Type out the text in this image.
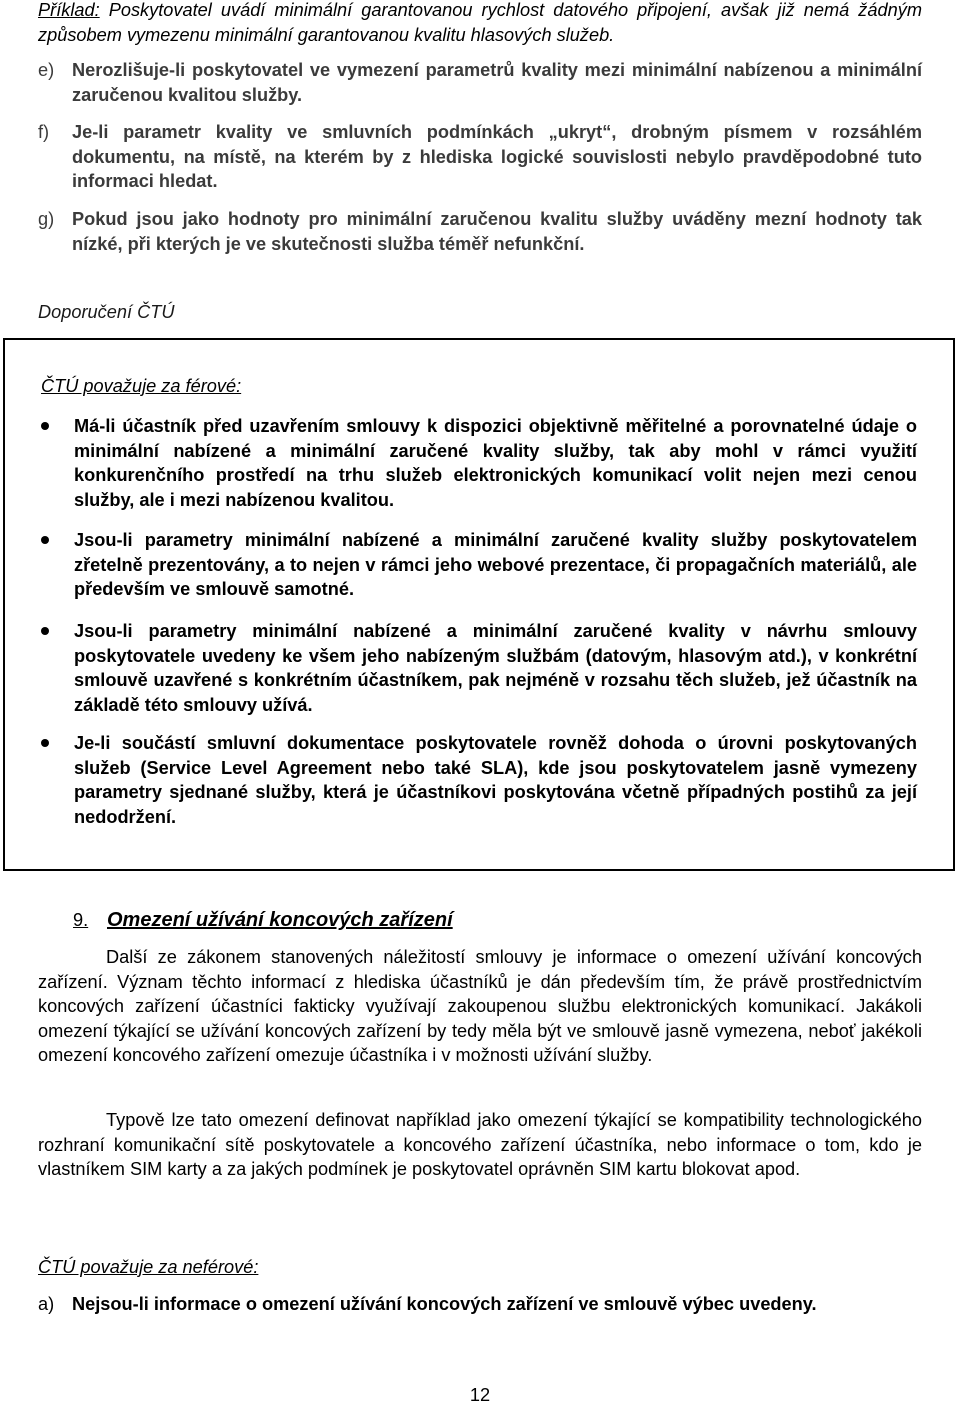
Příklad: Poskytovatel uvádí minimální garantovanou rychlost datového připojení, avšak již nemá žádným způsobem vymezenu minimální garantovanou kvalitu hlasových služeb.
e) Nerozlišuje-li poskytovatel ve vymezení parametrů kvality mezi minimální nabízenou a minimální zaručenou kvalitou služby.
f)	Je-li parametr kvality ve smluvních podmínkách „ukryt“, drobným písmem v rozsáhlém dokumentu, na místě, na kterém by z hlediska logické souvislosti nebylo pravděpodobné tuto informaci hledat.
g) Pokud jsou jako hodnoty pro minimální zaručenou kvalitu služby uváděny mezní hodnoty tak nízké, při kterých je ve skutečnosti služba téměř nefunkční.
Doporučení ČTÚ
ČTÚ považuje za férové:
Má-li účastník před uzavřením smlouvy k dispozici objektivně měřitelné a porovnatelné údaje o minimální nabízené a minimální zaručené kvality služby, tak aby mohl v rámci využití konkurenčního prostředí na trhu služeb elektronických komunikací volit nejen mezi cenou služby, ale i mezi nabízenou kvalitou.
Jsou-li parametry minimální nabízené a minimální zaručené kvality služby poskytovatelem zřetelně prezentovány, a to nejen v rámci jeho webové prezentace, či propagačních materiálů, ale především ve smlouvě samotné.
Jsou-li parametry minimální nabízené a minimální zaručené kvality v návrhu smlouvy poskytovatele uvedeny ke všem jeho nabízeným službám (datovým, hlasovým atd.), v konkrétní smlouvě uzavřené s konkrétním účastníkem, pak nejméně v rozsahu těch služeb, jež účastník na základě této smlouvy užívá.
Je-li součástí smluvní dokumentace poskytovatele rovněž dohoda o úrovni poskytovaných služeb (Service Level Agreement nebo také SLA), kde jsou poskytovatelem jasně vymezeny parametry sjednané služby, která je účastníkovi poskytována včetně případných postihů za její nedodržení.
9. Omezení užívání koncových zařízení
Další ze zákonem stanovených náležitostí smlouvy je informace o omezení užívání koncových zařízení. Význam těchto informací z hlediska účastníků je dán především tím, že právě prostřednictvím koncových zařízení účastníci fakticky využívají zakoupenou službu elektronických komunikací. Jakákoli omezení týkající se užívání koncových zařízení by tedy měla být ve smlouvě jasně vymezena, neboť jakékoli omezení koncového zařízení omezuje účastníka i v možnosti užívání služby.
Typově lze tato omezení definovat například jako omezení týkající se kompatibility technologického rozhraní komunikační sítě poskytovatele a koncového zařízení účastníka, nebo informace o tom, kdo je vlastníkem SIM karty a za jakých podmínek je poskytovatel oprávněn SIM kartu blokovat apod.
ČTÚ považuje za neférové:
a) Nejsou-li informace o omezení užívání koncových zařízení ve smlouvě výbec uvedeny.
12
